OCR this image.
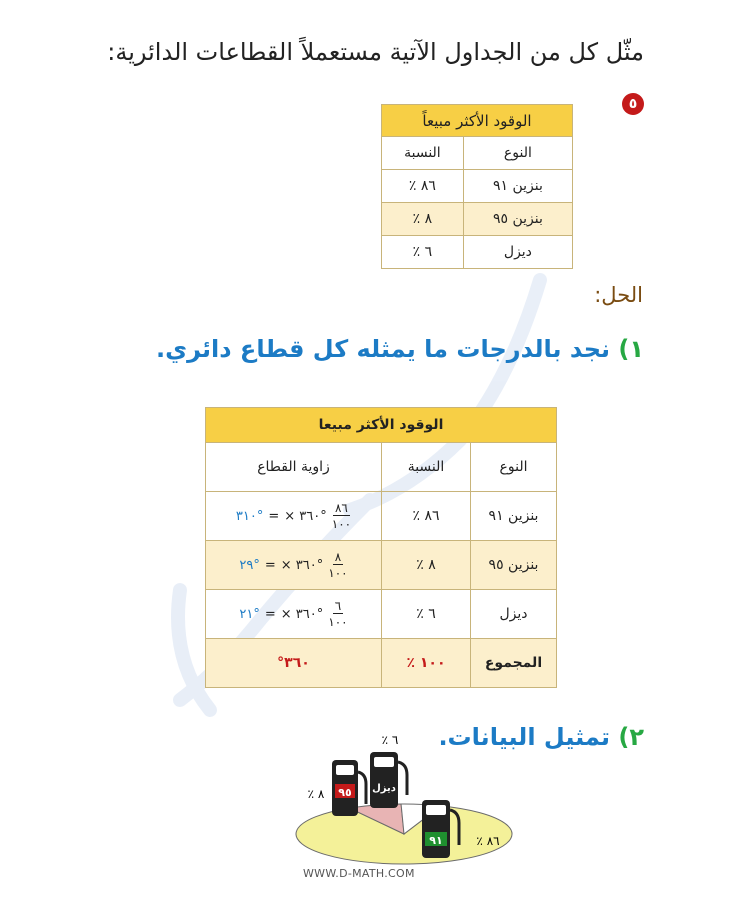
مثّل كل من الجداول الآتية مستعملاً القطاعات الدائرية:
٥
الوقود الأكثر مبيعاً	
النوع	النسبة
بنزين ٩١	٨٦ ٪
بنزين ٩٥	٨ ٪
ديزل	٦ ٪
الحل:
١) نجد بالدرجات ما يمثله كل قطاع دائري.
الوقود الأكثر مبيعا		
النوع	النسبة	زاوية القطاع
بنزين ٩١	٨٦ ٪	٣١٠° = × ٣٦٠° $\frac{٨٦}{١٠٠}$

بنزين ٩٥	٨ ٪	٢٩° = × ٣٦٠° $\frac{٨}{١٠٠}$

ديزل	٦ ٪	٢١° = × ٣٦٠° $\frac{٦}{١٠٠}$

المجموع	١٠٠ ٪	٣٦٠°
٢) تمثيل البيانات.
٩٥ ديزل
٩١
٨ ٪
٦ ٪
٨٦ ٪
WWW.D-MATH.COM
